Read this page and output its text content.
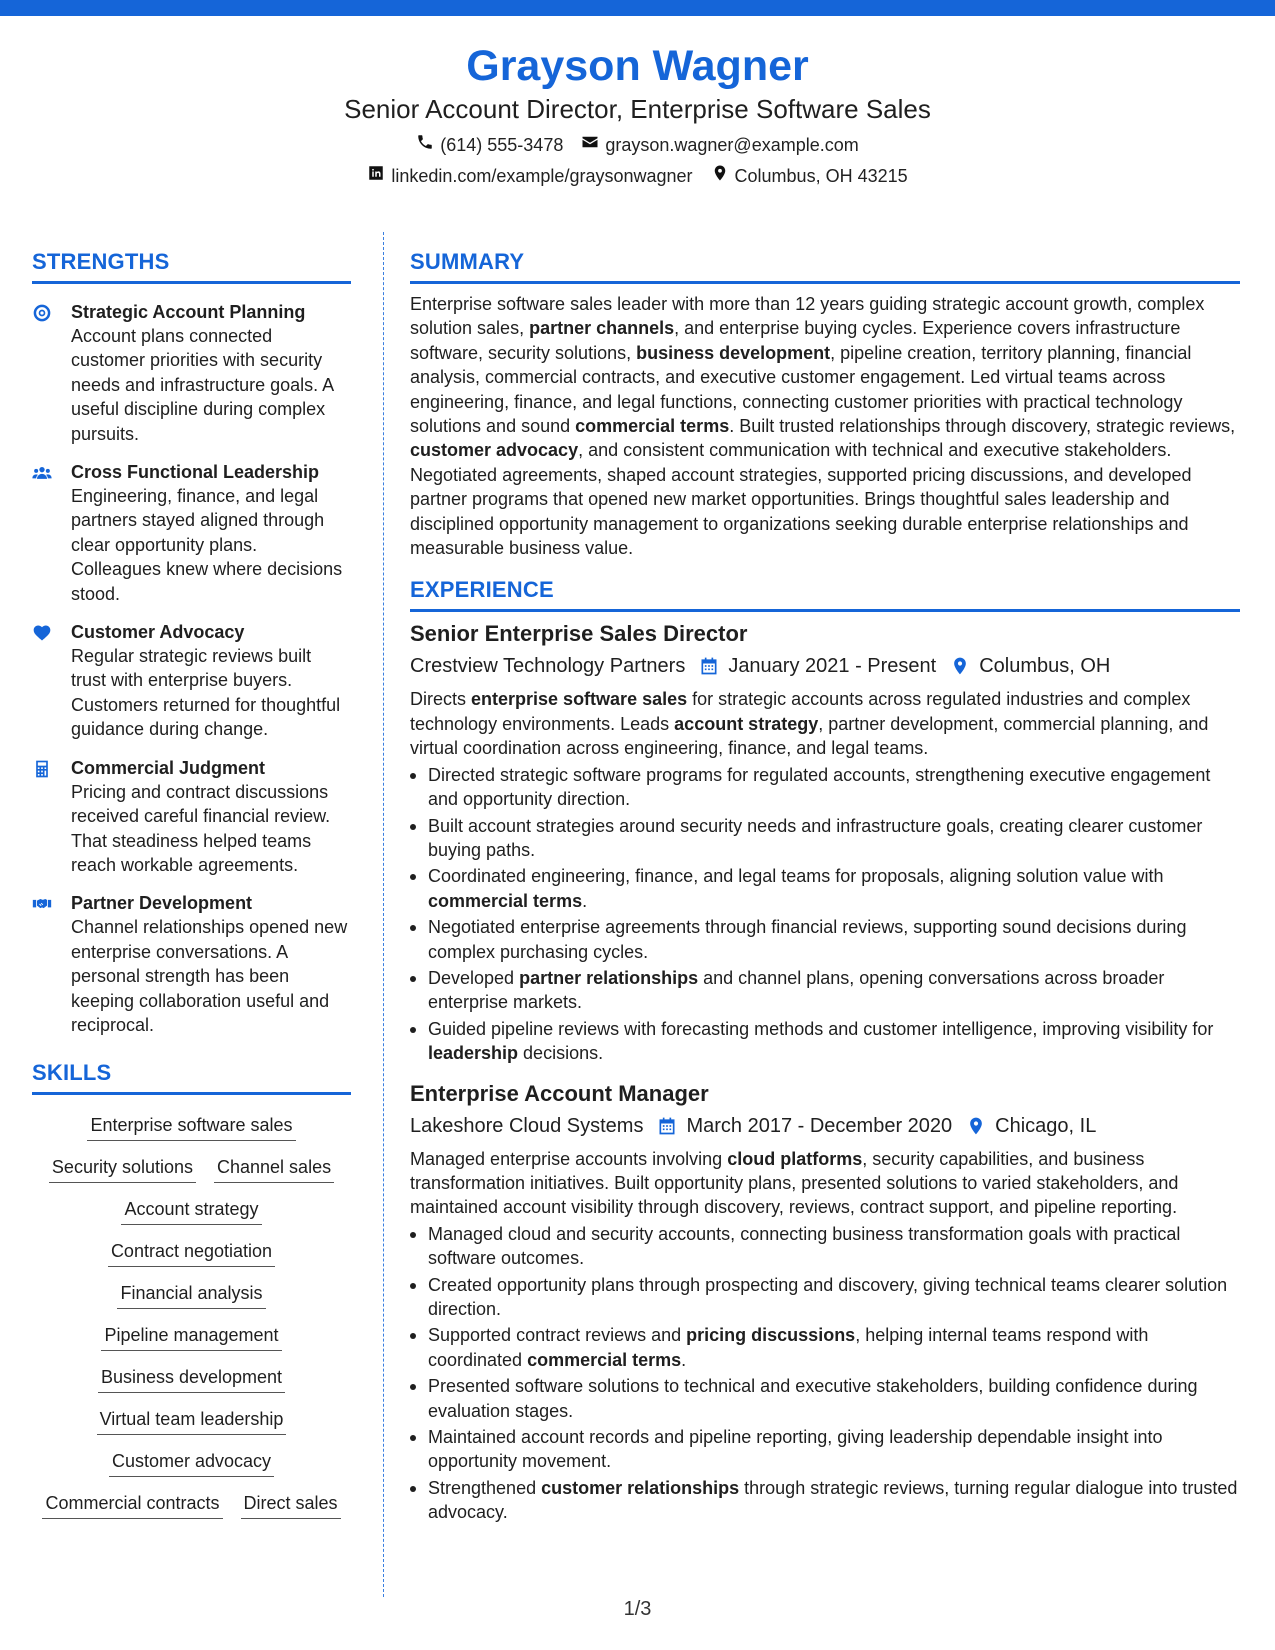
Grayson Wagner
Senior Account Director, Enterprise Software Sales
(614) 555-3478 grayson.wagner@example.com
linkedin.com/example/graysonwagner Columbus, OH 43215
STRENGTHS
Strategic Account Planning
Account plans connected customer priorities with security needs and infrastructure goals. A useful discipline during complex pursuits.
Cross Functional Leadership
Engineering, finance, and legal partners stayed aligned through clear opportunity plans. Colleagues knew where decisions stood.
Customer Advocacy
Regular strategic reviews built trust with enterprise buyers. Customers returned for thoughtful guidance during change.
Commercial Judgment
Pricing and contract discussions received careful financial review. That steadiness helped teams reach workable agreements.
Partner Development
Channel relationships opened new enterprise conversations. A personal strength has been keeping collaboration useful and reciprocal.
SKILLS
Enterprise software sales
Security solutions Channel sales
Account strategy
Contract negotiation
Financial analysis
Pipeline management
Business development
Virtual team leadership
Customer advocacy
Commercial contracts Direct sales
SUMMARY
Enterprise software sales leader with more than 12 years guiding strategic account growth, complex solution sales, partner channels, and enterprise buying cycles. Experience covers infrastructure software, security solutions, business development, pipeline creation, territory planning, financial analysis, commercial contracts, and executive customer engagement. Led virtual teams across engineering, finance, and legal functions, connecting customer priorities with practical technology solutions and sound commercial terms. Built trusted relationships through discovery, strategic reviews, customer advocacy, and consistent communication with technical and executive stakeholders. Negotiated agreements, shaped account strategies, supported pricing discussions, and developed partner programs that opened new market opportunities. Brings thoughtful sales leadership and disciplined opportunity management to organizations seeking durable enterprise relationships and measurable business value.
EXPERIENCE
Senior Enterprise Sales Director
Crestview Technology Partners January 2021 - Present Columbus, OH
Directs enterprise software sales for strategic accounts across regulated industries and complex technology environments. Leads account strategy, partner development, commercial planning, and virtual coordination across engineering, finance, and legal teams.
Directed strategic software programs for regulated accounts, strengthening executive engagement and opportunity direction.
Built account strategies around security needs and infrastructure goals, creating clearer customer buying paths.
Coordinated engineering, finance, and legal teams for proposals, aligning solution value with commercial terms.
Negotiated enterprise agreements through financial reviews, supporting sound decisions during complex purchasing cycles.
Developed partner relationships and channel plans, opening conversations across broader enterprise markets.
Guided pipeline reviews with forecasting methods and customer intelligence, improving visibility for leadership decisions.
Enterprise Account Manager
Lakeshore Cloud Systems March 2017 - December 2020 Chicago, IL
Managed enterprise accounts involving cloud platforms, security capabilities, and business transformation initiatives. Built opportunity plans, presented solutions to varied stakeholders, and maintained account visibility through discovery, reviews, contract support, and pipeline reporting.
Managed cloud and security accounts, connecting business transformation goals with practical software outcomes.
Created opportunity plans through prospecting and discovery, giving technical teams clearer solution direction.
Supported contract reviews and pricing discussions, helping internal teams respond with coordinated commercial terms.
Presented software solutions to technical and executive stakeholders, building confidence during evaluation stages.
Maintained account records and pipeline reporting, giving leadership dependable insight into opportunity movement.
Strengthened customer relationships through strategic reviews, turning regular dialogue into trusted advocacy.
1/3
